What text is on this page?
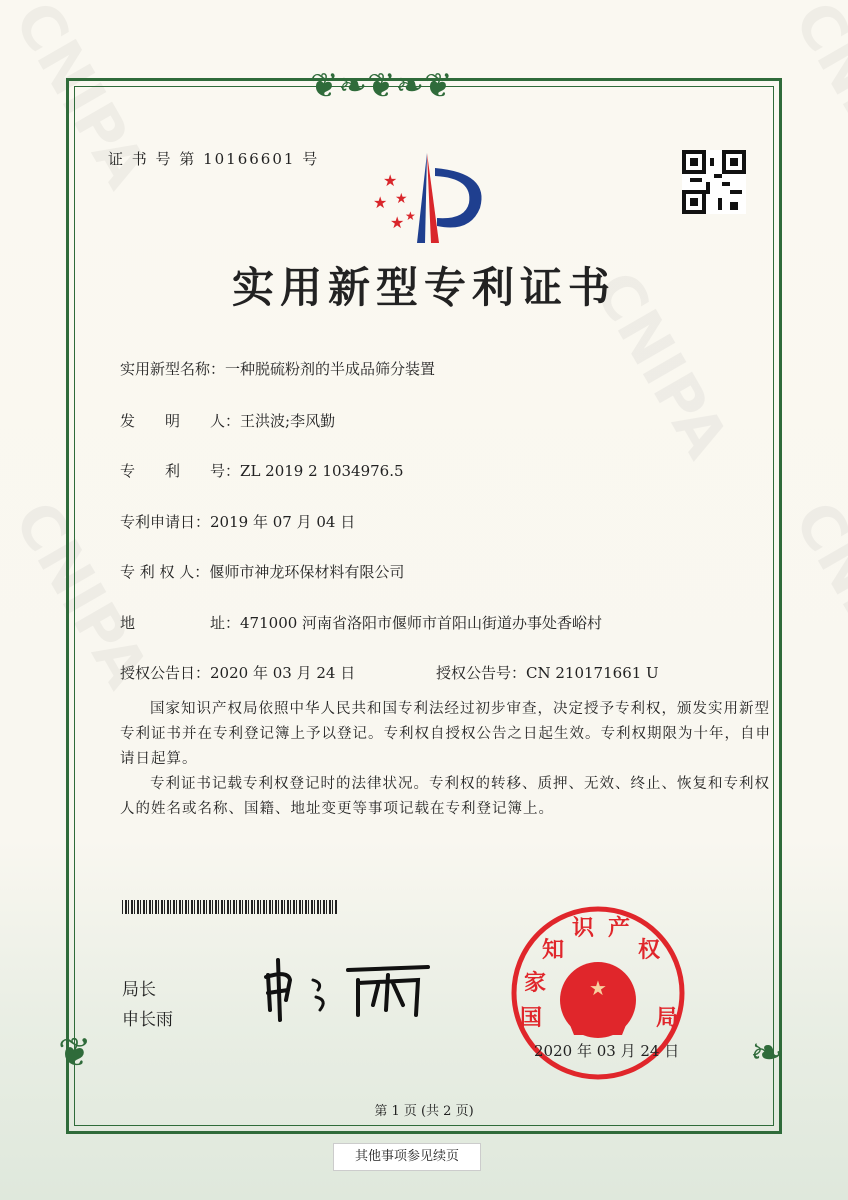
❦❧❦❧❦
❦	❧
证 书 号 第 10166601 号
★
★ ★
★ ★
实用新型专利证书
实用新型名称：一种脱硫粉剂的半成品筛分装置
发　　明　　人：王洪波;李风勤
专　　利　　号：ZL 2019 2 1034976.5
专利申请日：2019 年 07 月 04 日
专 利 权 人：偃师市神龙环保材料有限公司
地　　　　　址：471000 河南省洛阳市偃师市首阳山街道办事处香峪村
授权公告日：2020 年 03 月 24 日	授权公告号：CN 210171661 U
国家知识产权局依照中华人民共和国专利法经过初步审查，决定授予专利权，颁发实用新型专利证书并在专利登记簿上予以登记。专利权自授权公告之日起生效。专利权期限为十年，自申请日起算。
专利证书记载专利权登记时的法律状况。专利权的转移、质押、无效、终止、恢复和专利权人的姓名或名称、国籍、地址变更等事项记载在专利登记簿上。
局长
申长雨
★
国家知识 产权局
2020 年 03 月 24 日
第 1 页 (共 2 页)
其他事项参见续页
